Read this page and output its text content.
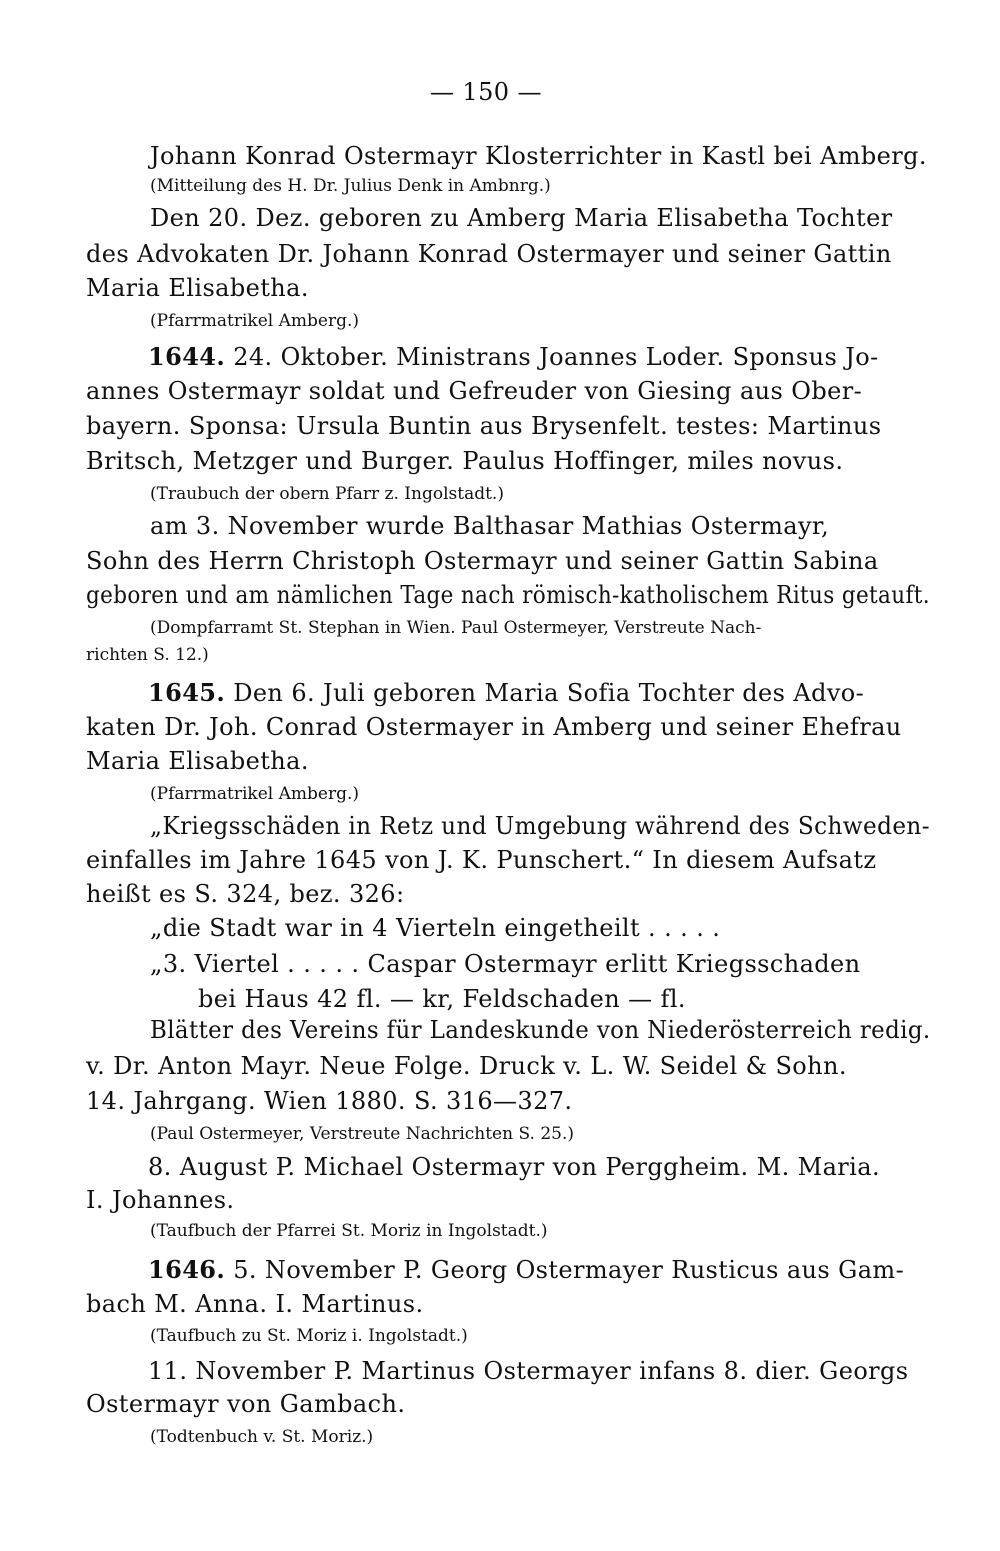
— 150 —
Johann Konrad Ostermayr Klosterrichter in Kastl bei Amberg.
(Mitteilung des H. Dr. Julius Denk in Ambnrg.)
Den 20. Dez. geboren zu Amberg Maria Elisabetha Tochter
des Advokaten Dr. Johann Konrad Ostermayer und seiner Gattin
Maria Elisabetha.
(Pfarrmatrikel Amberg.)
1644. 24. Oktober. Ministrans Joannes Loder. Sponsus Jo-
annes Ostermayr soldat und Gefreuder von Giesing aus Ober-
bayern. Sponsa: Ursula Buntin aus Brysenfelt. testes: Martinus
Britsch, Metzger und Burger. Paulus Hoffinger, miles novus.
(Traubuch der obern Pfarr z. Ingolstadt.)
am 3. November wurde Balthasar Mathias Ostermayr,
Sohn des Herrn Christoph Ostermayr und seiner Gattin Sabina
geboren und am nämlichen Tage nach römisch-katholischem Ritus getauft.
(Dompfarramt St. Stephan in Wien. Paul Ostermeyer, Verstreute Nach-
richten S. 12.)
1645. Den 6. Juli geboren Maria Sofia Tochter des Advo-
katen Dr. Joh. Conrad Ostermayer in Amberg und seiner Ehefrau
Maria Elisabetha.
(Pfarrmatrikel Amberg.)
„Kriegsschäden in Retz und Umgebung während des Schweden-
einfalles im Jahre 1645 von J. K. Punschert.“ In diesem Aufsatz
heißt es S. 324, bez. 326:
„die Stadt war in 4 Vierteln eingetheilt . . . . .
„3. Viertel . . . . . Caspar Ostermayr erlitt Kriegsschaden
bei Haus 42 fl. — kr, Feldschaden — fl.
Blätter des Vereins für Landeskunde von Niederösterreich redig.
v. Dr. Anton Mayr. Neue Folge. Druck v. L. W. Seidel & Sohn.
14. Jahrgang. Wien 1880. S. 316—327.
(Paul Ostermeyer, Verstreute Nachrichten S. 25.)
8. August P. Michael Ostermayr von Perggheim. M. Maria.
I. Johannes.
(Taufbuch der Pfarrei St. Moriz in Ingolstadt.)
1646. 5. November P. Georg Ostermayer Rusticus aus Gam-
bach M. Anna. I. Martinus.
(Taufbuch zu St. Moriz i. Ingolstadt.)
11. November P. Martinus Ostermayer infans 8. dier. Georgs
Ostermayr von Gambach.
(Todtenbuch v. St. Moriz.)
